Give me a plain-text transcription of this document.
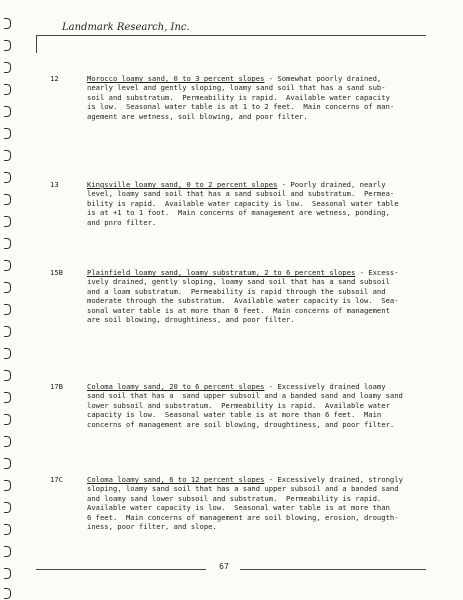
Landmark Research, Inc.
12	Morocco loamy sand, 0 to 3 percent slopes - Somewhat poorly drained,
nearly level and gently sloping, loamy sand soil that has a sand sub-
soil and substratum.  Permeability is rapid.  Available water capacity
is low.  Seasonal water table is at 1 to 2 feet.  Main concerns of man-
agement are wetness, soil blowing, and poor filter.
13	Kingsville loamy sand, 0 to 2 percent slopes - Poorly drained, nearly
level, loamy sand soil that has a sand subsoil and substratum.  Permea-
bility is rapid.  Available water capacity is low.  Seasonal water table
is at +1 to 1 foot.  Main concerns of management are wetness, ponding,
and pnro filter.
15B	Plainfield loamy sand, loamy substratum, 2 to 6 percent slopes - Excess-
ively drained, gently sloping, loamy sand soil that has a sand subsoil
and a loam substratum.  Permeability is rapid through the subsoil and
moderate through the substratum.  Available water capacity is low.  Sea-
sonal water table is at more than 6 feet.  Main concerns of management
are soil blowing, droughtiness, and poor filter.
17B	Coloma loamy sand, 20 to 6 percent slopes - Excessively drained loamy
sand soil that has a  sand upper subsoil and a banded sand and loamy sand
lower subsoil and substratum.  Permeability is rapid.  Available water
capacity is low.  Seasonal water table is at more than 6 feet.  Main
concerns of management are soil blowing, droughtiness, and poor filter.
17C	Coloma loamy sand, 6 to 12 percent slopes - Excessively drained, strongly
sloping, loamy sand soil that has a sand upper subsoil and a banded sand
and loamy sand lower subsoil and substratum.  Permeability is rapid.
Available water capacity is low.  Seasonal water table is at more than
6 feet.  Main concerns of management are soil blowing, erosion, drougth-
iness, poor filter, and slope.
67
